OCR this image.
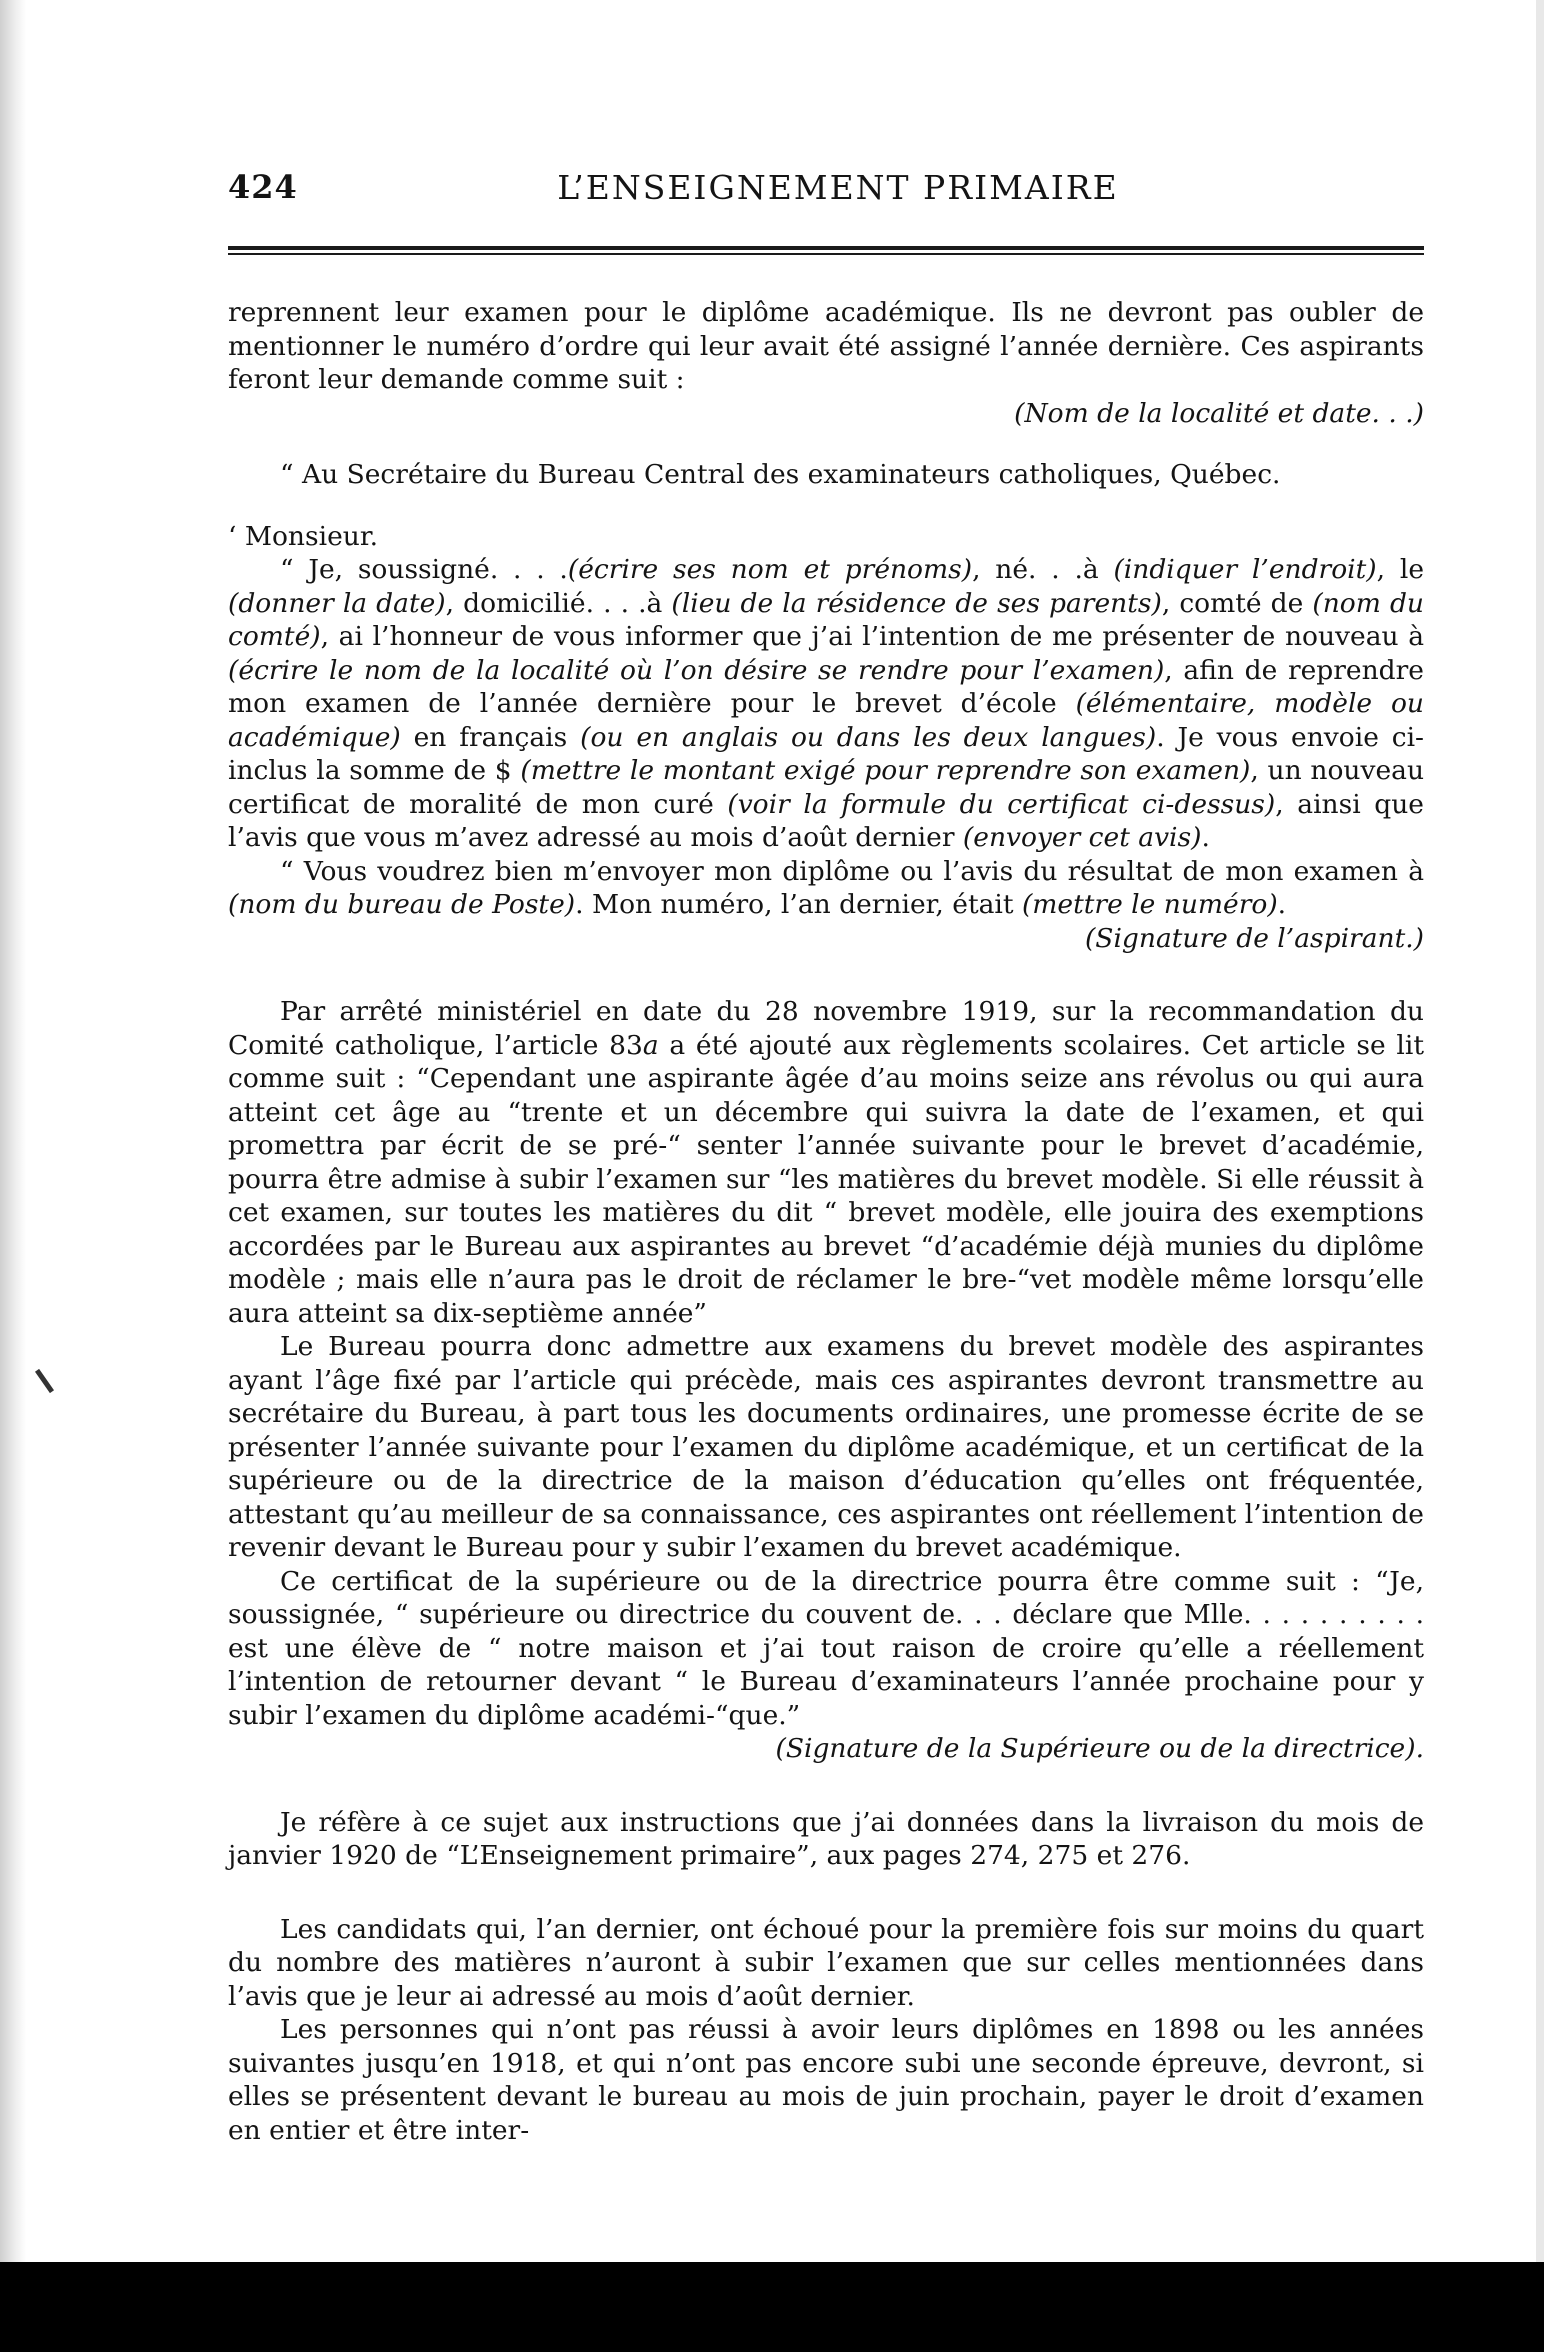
424	L’ENSEIGNEMENT PRIMAIRE

reprennent leur examen pour le diplôme académique. Ils ne devront pas oubler de mentionner le numéro d’ordre qui leur avait été assigné l’année dernière. Ces aspirants feront leur demande comme suit :

(Nom de la localité et date. . .)

“ Au Secrétaire du Bureau Central des examinateurs catholiques, Québec.

‘ Monsieur.

“ Je, soussigné. . . .(écrire ses nom et prénoms), né. . .à (indiquer l’endroit), le (donner la date), domicilié. . . .à (lieu de la résidence de ses parents), comté de (nom du comté), ai l’honneur de vous informer que j’ai l’intention de me présenter de nouveau à (écrire le nom de la localité où l’on désire se rendre pour l’examen), afin de reprendre mon examen de l’année dernière pour le brevet d’école (élémentaire, modèle ou académique) en français (ou en anglais ou dans les deux langues). Je vous envoie ci-inclus la somme de $ (mettre le montant exigé pour reprendre son examen), un nouveau certificat de moralité de mon curé (voir la formule du certificat ci-dessus), ainsi que l’avis que vous m’avez adressé au mois d’août dernier (envoyer cet avis).

“ Vous voudrez bien m’envoyer mon diplôme ou l’avis du résultat de mon examen à (nom du bureau de Poste). Mon numéro, l’an dernier, était (mettre le numéro).

(Signature de l’aspirant.)

Par arrêté ministériel en date du 28 novembre 1919, sur la recommandation du Comité catholique, l’article 83a a été ajouté aux règlements scolaires. Cet article se lit comme suit : “Cependant une aspirante âgée d’au moins seize ans révolus ou qui aura atteint cet âge au “trente et un décembre qui suivra la date de l’examen, et qui promettra par écrit de se pré-“ senter l’année suivante pour le brevet d’académie, pourra être admise à subir l’examen sur “les matières du brevet modèle. Si elle réussit à cet examen, sur toutes les matières du dit “ brevet modèle, elle jouira des exemptions accordées par le Bureau aux aspirantes au brevet “d’académie déjà munies du diplôme modèle ; mais elle n’aura pas le droit de réclamer le bre-“vet modèle même lorsqu’elle aura atteint sa dix-septième année”

Le Bureau pourra donc admettre aux examens du brevet modèle des aspirantes ayant l’âge fixé par l’article qui précède, mais ces aspirantes devront transmettre au secrétaire du Bureau, à part tous les documents ordinaires, une promesse écrite de se présenter l’année suivante pour l’examen du diplôme académique, et un certificat de la supérieure ou de la directrice de la maison d’éducation qu’elles ont fréquentée, attestant qu’au meilleur de sa connaissance, ces aspirantes ont réellement l’intention de revenir devant le Bureau pour y subir l’examen du brevet académique.

Ce certificat de la supérieure ou de la directrice pourra être comme suit : “Je, soussignée, “ supérieure ou directrice du couvent de. . . déclare que Mlle. . . . . . . . . . est une élève de “ notre maison et j’ai tout raison de croire qu’elle a réellement l’intention de retourner devant “ le Bureau d’examinateurs l’année prochaine pour y subir l’examen du diplôme académi-“que.”

(Signature de la Supérieure ou de la directrice).

Je réfère à ce sujet aux instructions que j’ai données dans la livraison du mois de janvier 1920 de “L’Enseignement primaire”, aux pages 274, 275 et 276.

Les candidats qui, l’an dernier, ont échoué pour la première fois sur moins du quart du nombre des matières n’auront à subir l’examen que sur celles mentionnées dans l’avis que je leur ai adressé au mois d’août dernier.

Les personnes qui n’ont pas réussi à avoir leurs diplômes en 1898 ou les années suivantes jusqu’en 1918, et qui n’ont pas encore subi une seconde épreuve, devront, si elles se présentent devant le bureau au mois de juin prochain, payer le droit d’examen en entier et être inter-
